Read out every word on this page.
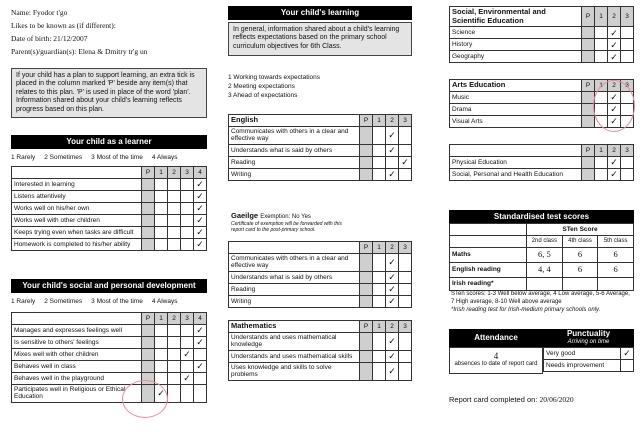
Name: Fyodor t'go
Likes to be known as (if different):
Date of birth: 21/12/2007
Parent(s)/guardian(s): Elena & Dmitry tr'g un
If your child has a plan to support learning, an extra tick is placed in the column marked 'P' beside any item(s) that relates to this plan. 'P' is used in place of the word 'plan'. Information shared about your child's learning reflects progress based on this plan.
Your child as a learner
1 Rarely 2 Sometimes 3 Most of the time 4 Always
	P	1	2	3	4
Interested in learning					✓
Listens attentively					✓
Works well on his/her own					✓
Works well with other children					✓
Keeps trying even when tasks are difficult					✓
Homework is completed to his/her ability					✓
Your child's social and personal development
1 Rarely 2 Sometimes 3 Most of the time 4 Always
	P	1	2	3	4
Manages and expresses feelings well					✓
Is sensitive to others' feelings					✓
Mixes well with other children				✓	
Behaves well in class					✓
Behaves well in the playground				✓	
Participates well in Religious or Ethical Education		✓			
Your child's learning
In general, information shared about a child's learning reflects expectations based on the primary school curriculum objectives for 6th Class.
1 Working towards expectations
2 Meeting expectations
3 Ahead of expectations
English	P	1	2	3
Communicates with others in a clear and effective way			✓	
Understands what is said by others			✓	
Reading				✓
Writing			✓	
Gaeilge Exemption: No Yes
Certificate of exemption will be forwarded with this report card to the post-primary school.
	P	1	2	3
Communicates with others in a clear and effective way			✓	
Understands what is said by others			✓	
Reading			✓	
Writing			✓	
Mathematics	P	1	2	3
Understands and uses mathematical knowledge			✓	
Understands and uses mathematical skills			✓	
Uses knowledge and skills to solve problems			✓	
Social, Environmental and Scientific Education	P	1	2	3
Science			✓	
History			✓	
Geography			✓	
Arts Education	P	1	2	3
Music			✓	
Drama			✓	
Visual Arts			✓	
	P	1	2	3
Physical Education			✓	
Social, Personal and Health Education			✓	
Standardised test scores
	STen Score		
	2nd class	4th class	5th class
Maths	6, 5	6	6
English reading	4, 4	6	6
Irish reading*			
STen scores: 1-3 Well below average, 4 Low average, 5-6 Average, 7 High average, 8-10 Well above average
*Irish reading test for Irish-medium primary schools only.
Attendance
4
absences to date of report card
Punctuality
Arriving on time
Very good	✓
Needs improvement	
Report card completed on: 20/06/2020
